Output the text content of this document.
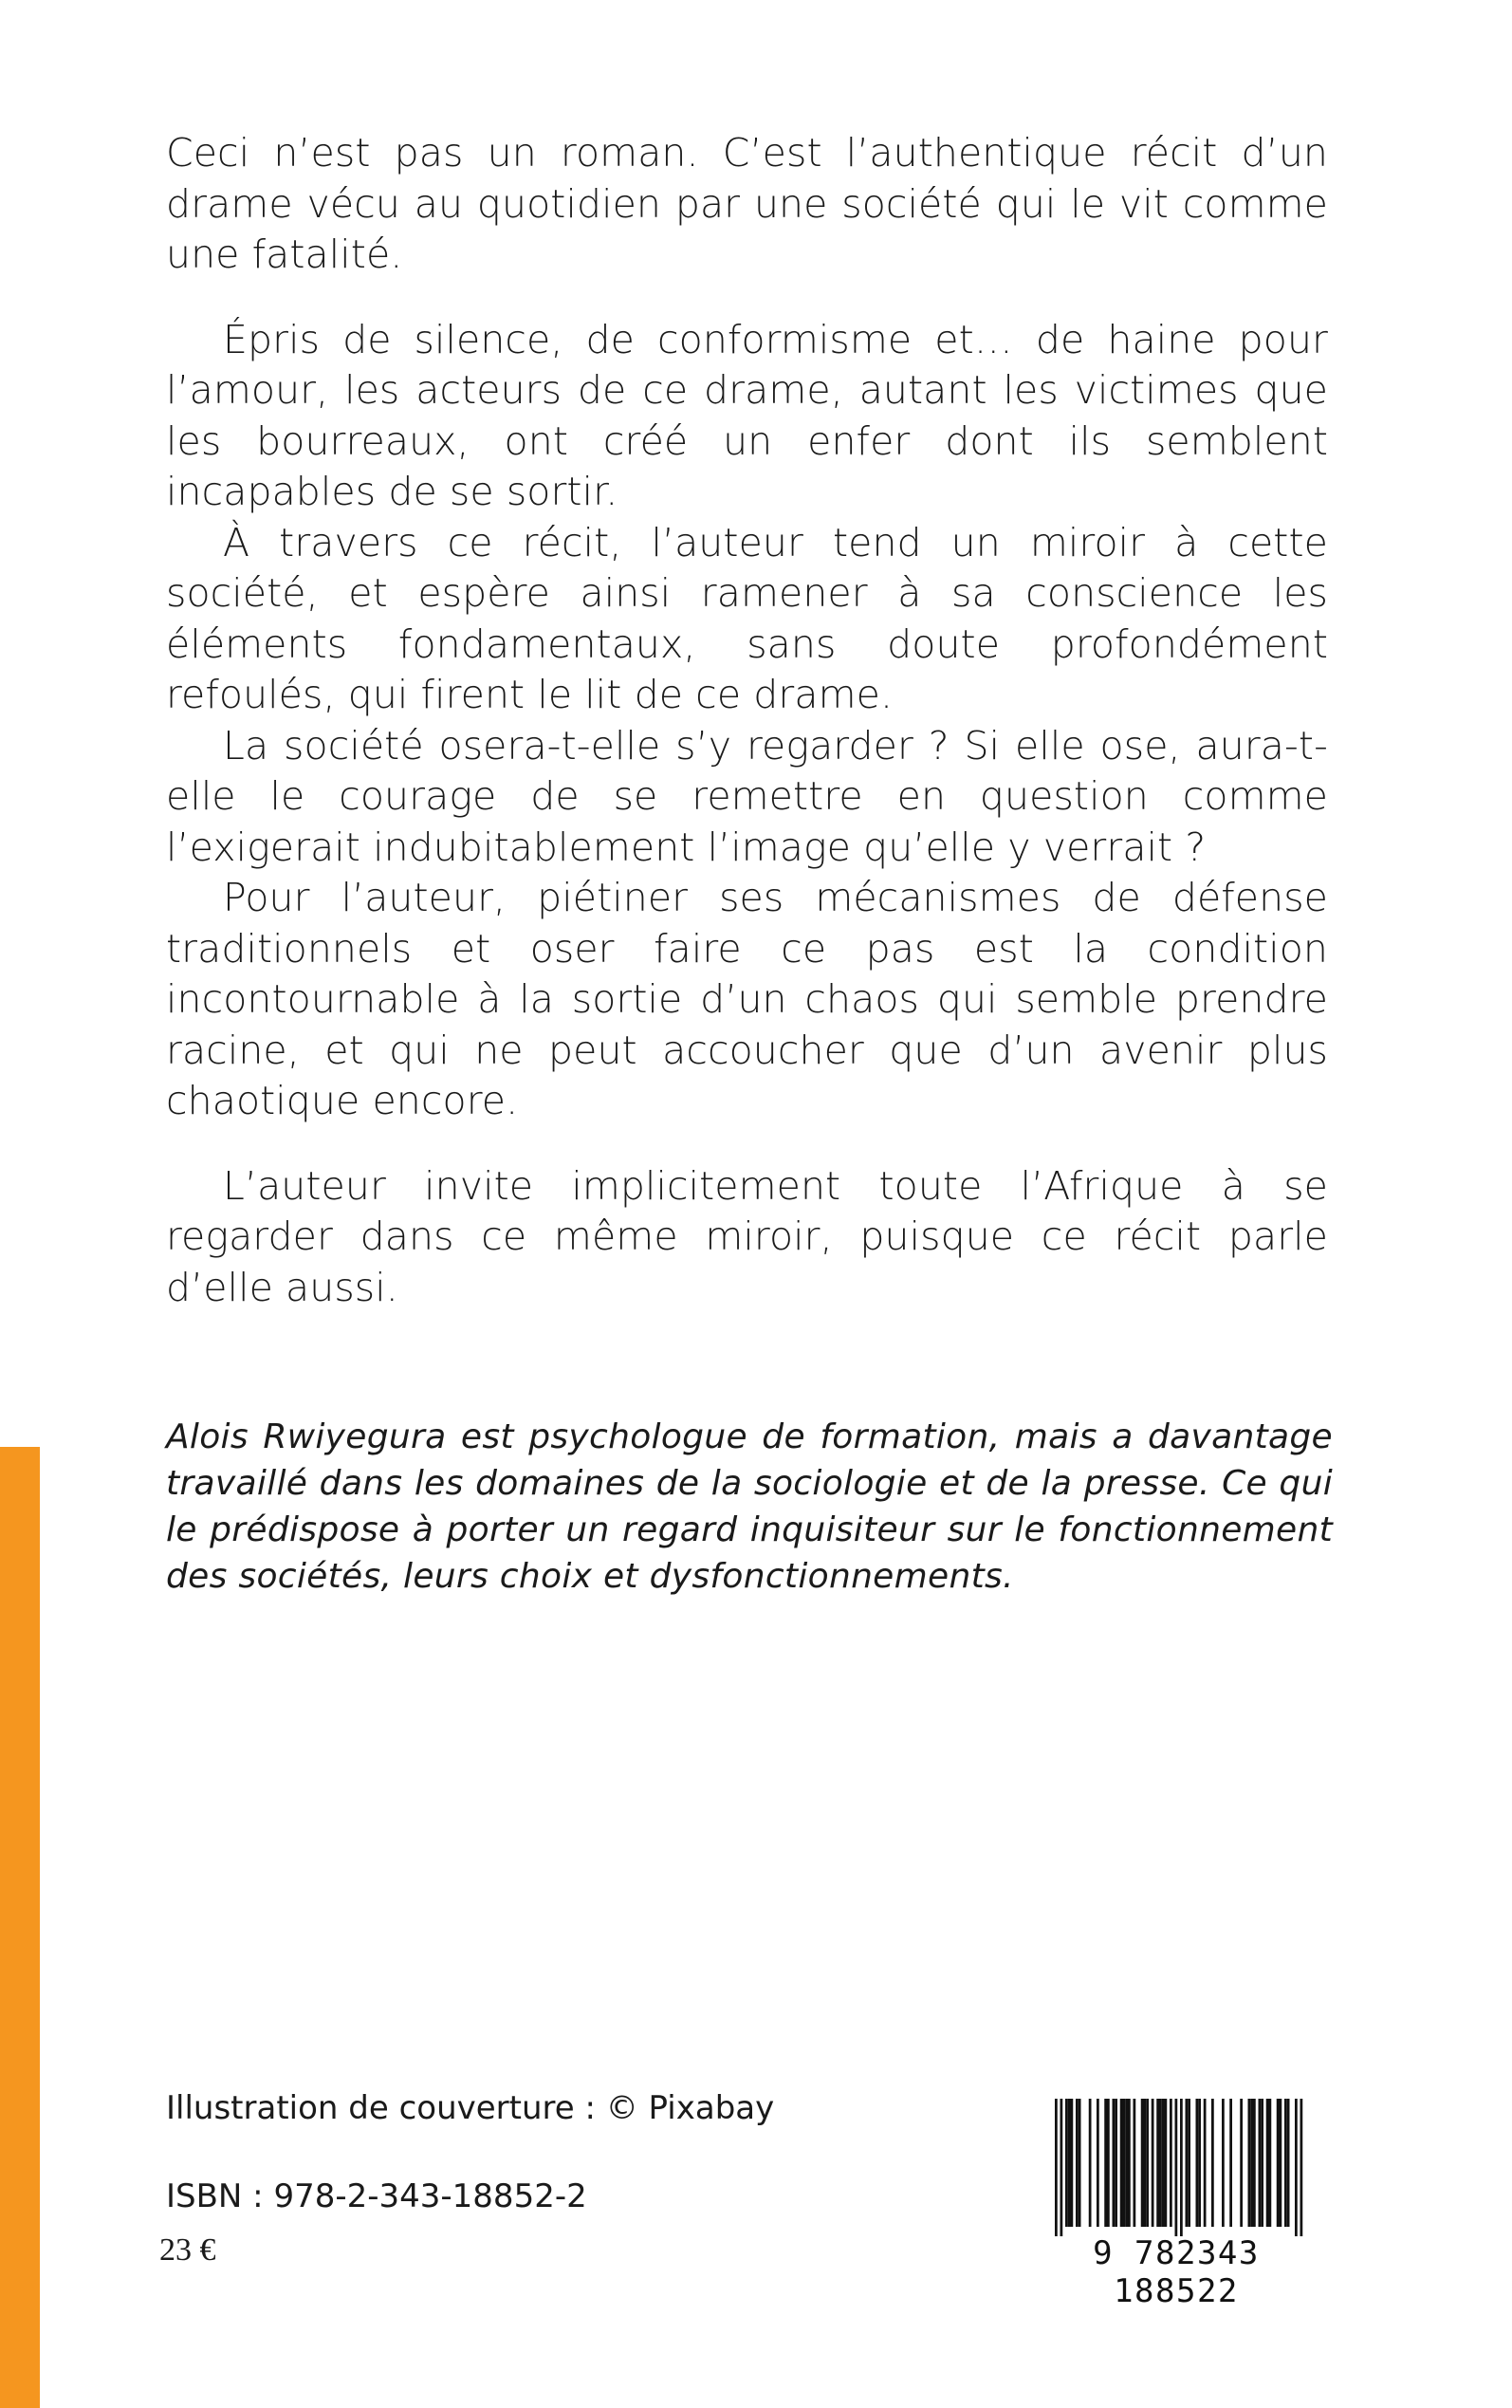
Ceci n’est pas un roman. C’est l’authentique récit d’un drame vécu au quotidien par une société qui le vit comme une fatalité.

Épris de silence, de conformisme et… de haine pour l’amour, les acteurs de ce drame, autant les victimes que les bourreaux, ont créé un enfer dont ils semblent incapables de se sortir.

À travers ce récit, l’auteur tend un miroir à cette société, et espère ainsi ramener à sa conscience les éléments fondamentaux, sans doute profondément refoulés, qui firent le lit de ce drame.

La société osera-t-elle s’y regarder ? Si elle ose, aura-t-elle le courage de se remettre en question comme l’exigerait indubitablement l’image qu’elle y verrait ?

Pour l’auteur, piétiner ses mécanismes de défense traditionnels et oser faire ce pas est la condition incontournable à la sortie d’un chaos qui semble prendre racine, et qui ne peut accoucher que d’un avenir plus chaotique encore.

L’auteur invite implicitement toute l’Afrique à se regarder dans ce même miroir, puisque ce récit parle d’elle aussi.

Alois Rwiyegura est psychologue de formation, mais a davantage travaillé dans les domaines de la sociologie et de la presse. Ce qui le prédispose à porter un regard inquisiteur sur le fonctionnement des sociétés, leurs choix et dysfonctionnements.
Illustration de couverture : © Pixabay
ISBN : 978-2-343-18852-2
23 €	9 782343 188522
